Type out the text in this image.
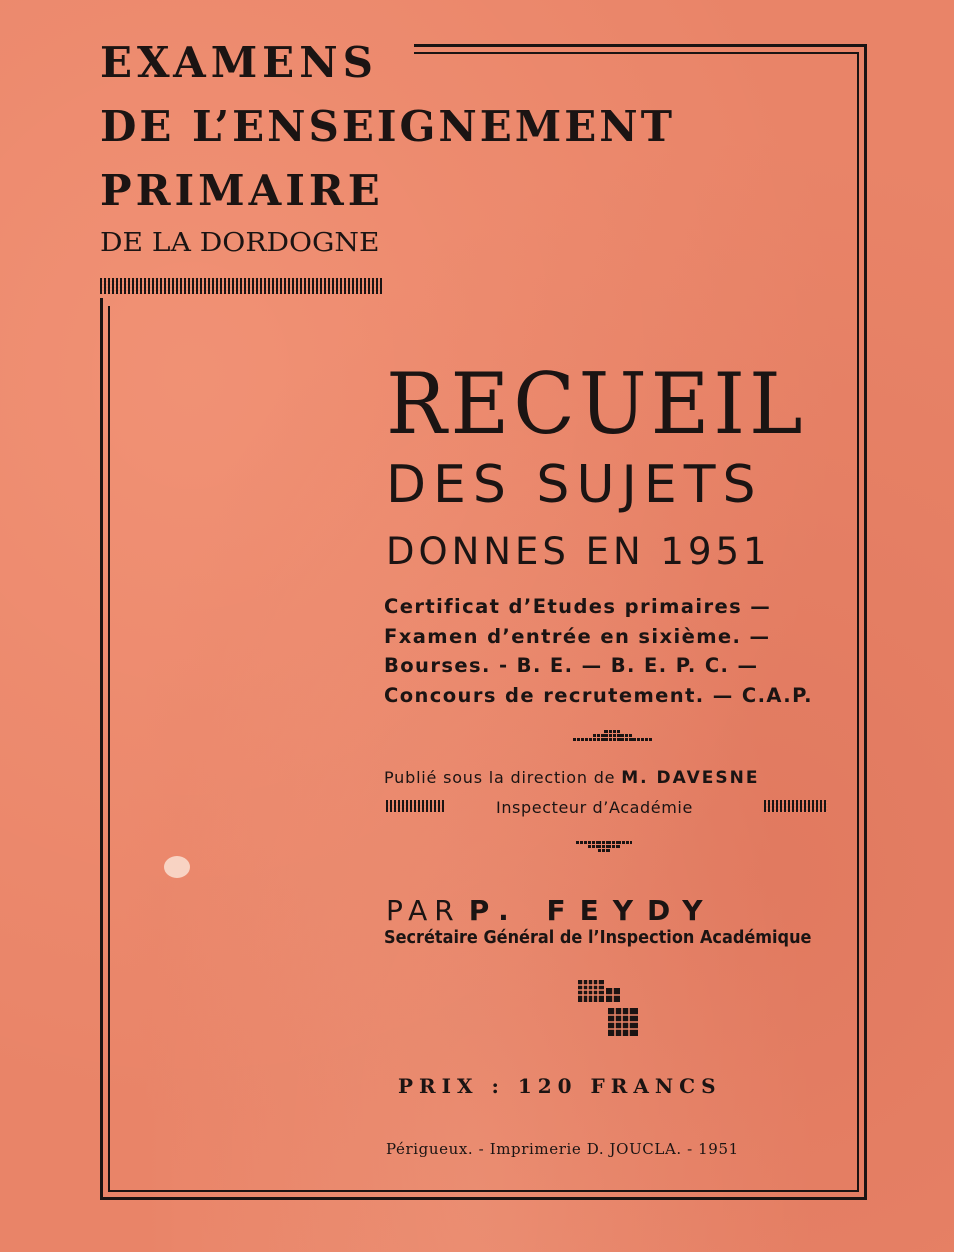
EXAMENS
DE L’ENSEIGNEMENT
PRIMAIRE
DE LA DORDOGNE
RECUEIL
DES SUJETS
DONNES EN 1951
Certificat d’Etudes primaires —
Fxamen d’entrée en sixième. —
Bourses. - B. E. — B. E. P. C. —
Concours de recrutement. — C.A.P.
Publié sous la direction de M. DAVESNE
Inspecteur d’Académie
PAR P. FEYDY
Secrétaire Général de l’Inspection Académique
PRIX : 120 FRANCS
Périgueux. - Imprimerie D. JOUCLA. - 1951
